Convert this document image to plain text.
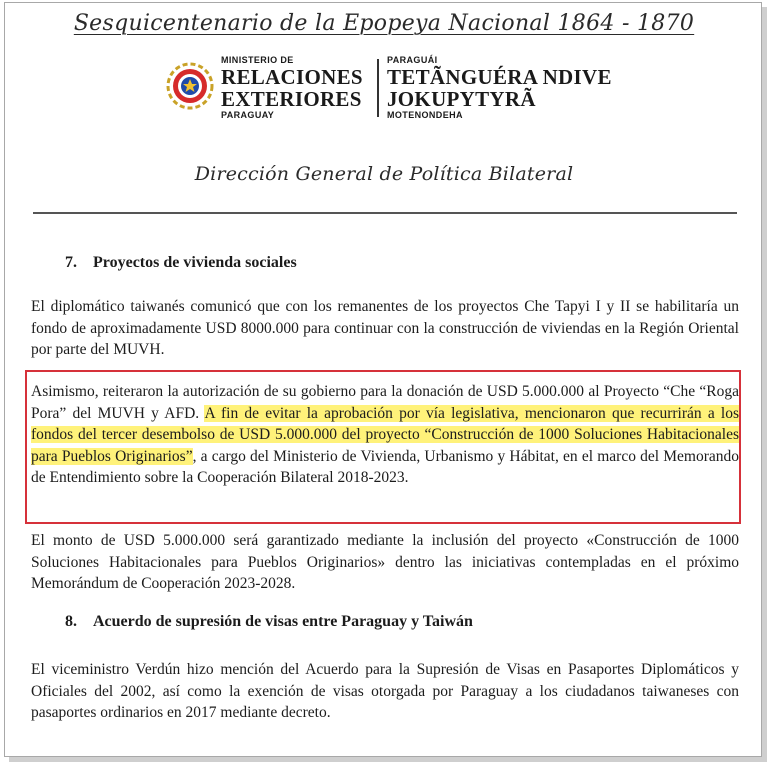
Sesquicentenario de la Epopeya Nacional 1864 - 1870
MINISTERIO DE
RELACIONES
EXTERIORES
PARAGUAY
PARAGUÁI
TETÃNGUÉRA NDIVE
JOKUPYTYRÃ
MOTENONDEHA
Dirección General de Política Bilateral
7. Proyectos de vivienda sociales
El diplomático taiwanés comunicó que con los remanentes de los proyectos Che Tapyi I y II se habilitaría un fondo de aproximadamente USD 8000.000 para continuar con la construcción de viviendas en la Región Oriental por parte del MUVH.
Asimismo, reiteraron la autorización de su gobierno para la donación de USD 5.000.000 al Proyecto “Che “Roga Pora” del MUVH y AFD. A fin de evitar la aprobación por vía legislativa, mencionaron que recurrirán a los fondos del tercer desembolso de USD 5.000.000 del proyecto “Construcción de 1000 Soluciones Habitacionales para Pueblos Originarios”, a cargo del Ministerio de Vivienda, Urbanismo y Hábitat, en el marco del Memorando de Entendimiento sobre la Cooperación Bilateral 2018-2023.
El monto de USD 5.000.000 será garantizado mediante la inclusión del proyecto «Construcción de 1000 Soluciones Habitacionales para Pueblos Originarios» dentro las iniciativas contempladas en el próximo Memorándum de Cooperación 2023-2028.
8. Acuerdo de supresión de visas entre Paraguay y Taiwán
El viceministro Verdún hizo mención del Acuerdo para la Supresión de Visas en Pasaportes Diplomáticos y Oficiales del 2002, así como la exención de visas otorgada por Paraguay a los ciudadanos taiwaneses con pasaportes ordinarios en 2017 mediante decreto.
